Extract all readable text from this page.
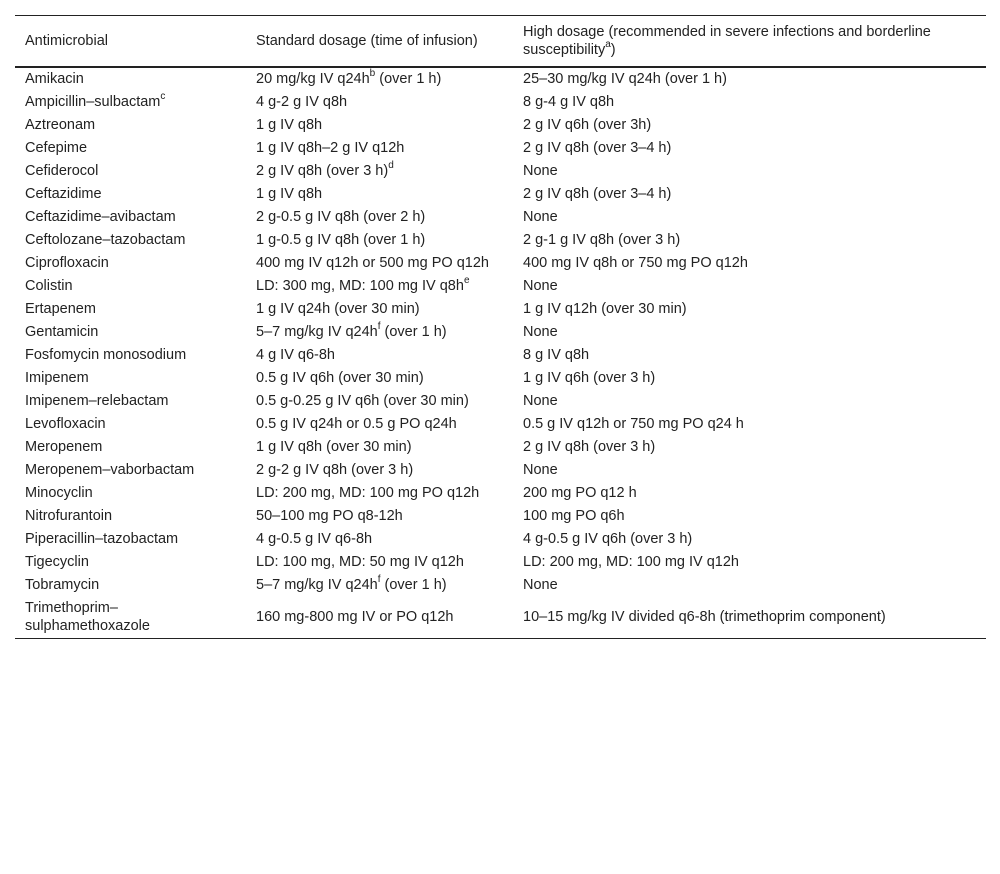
Antimicrobial	Standard dosage (time of infusion)	High dosage (recommended in severe infections and borderline susceptibility$^a$)
Amikacin	20 mg/kg IV $q24h^b$ (over 1 h)	25–30 mg/kg IV q24h (over 1 h)
Ampicillin–sulbactam$^c$	4 g-2 g IV q8h	8 g-4 g IV q8h
Aztreonam	1 g IV q8h	2 g IV q6h (over 3h)
Cefepime	1 g IV q8h–2 g IV q12h	2 g IV q8h (over 3–4 h)
Cefiderocol	2 g IV q8h (over 3 h)$^d$	None
Ceftazidime	1 g IV q8h	2 g IV q8h (over 3–4 h)
Ceftazidime–avibactam	2 g-0.5 g IV q8h (over 2 h)	None
Ceftolozane–tazobactam	1 g-0.5 g IV q8h (over 1 h)	2 g-1 g IV q8h (over 3 h)
Ciprofloxacin	400 mg IV q12h or 500 mg PO q12h	400 mg IV q8h or 750 mg PO q12h
Colistin	LD: 300 mg, MD: 100 mg IV $q8h^e$	None
Ertapenem	1 g IV q24h (over 30 min)	1 g IV q12h (over 30 min)
Gentamicin	5–7 mg/kg IV $q24h^f$ (over 1 h)	None
Fosfomycin monosodium	4 g IV q6-8h	8 g IV q8h
Imipenem	0.5 g IV q6h (over 30 min)	1 g IV q6h (over 3 h)
Imipenem–relebactam	0.5 g-0.25 g IV q6h (over 30 min)	None
Levofloxacin	0.5 g IV q24h or 0.5 g PO q24h	0.5 g IV q12h or 750 mg PO q24 h
Meropenem	1 g IV q8h (over 30 min)	2 g IV q8h (over 3 h)
Meropenem–vaborbactam	2 g-2 g IV q8h (over 3 h)	None
Minocyclin	LD: 200 mg, MD: 100 mg PO q12h	200 mg PO q12 h
Nitrofurantoin	50–100 mg PO q8-12h	100 mg PO q6h
Piperacillin–tazobactam	4 g-0.5 g IV q6-8h	4 g-0.5 g IV q6h (over 3 h)
Tigecyclin	LD: 100 mg, MD: 50 mg IV q12h	LD: 200 mg, MD: 100 mg IV q12h
Tobramycin	5–7 mg/kg IV $q24h^f$ (over 1 h)	None
Trimethoprim–sulphamethoxazole	160 mg-800 mg IV or PO q12h	10–15 mg/kg IV divided q6-8h (trimethoprim component)
